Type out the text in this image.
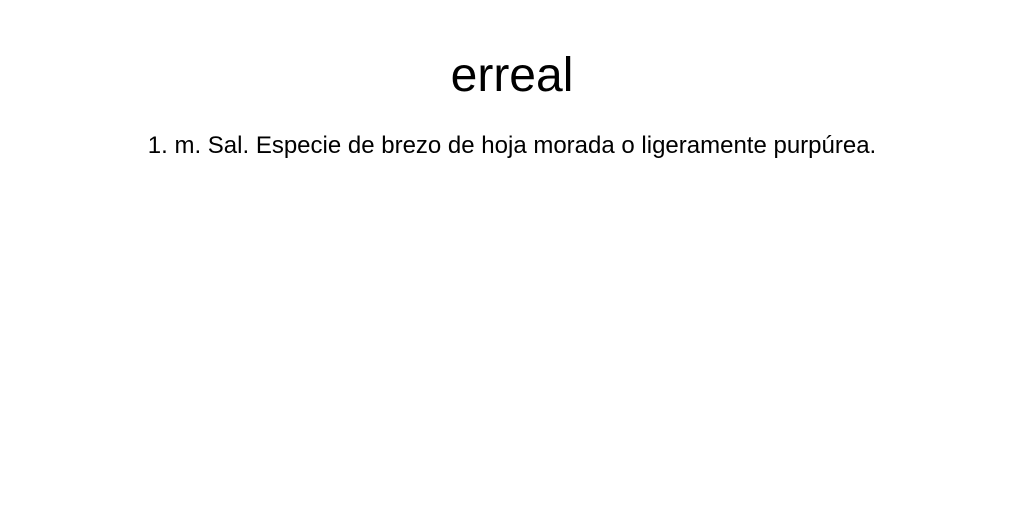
erreal

1. m. Sal. Especie de brezo de hoja morada o ligeramente purpúrea.
